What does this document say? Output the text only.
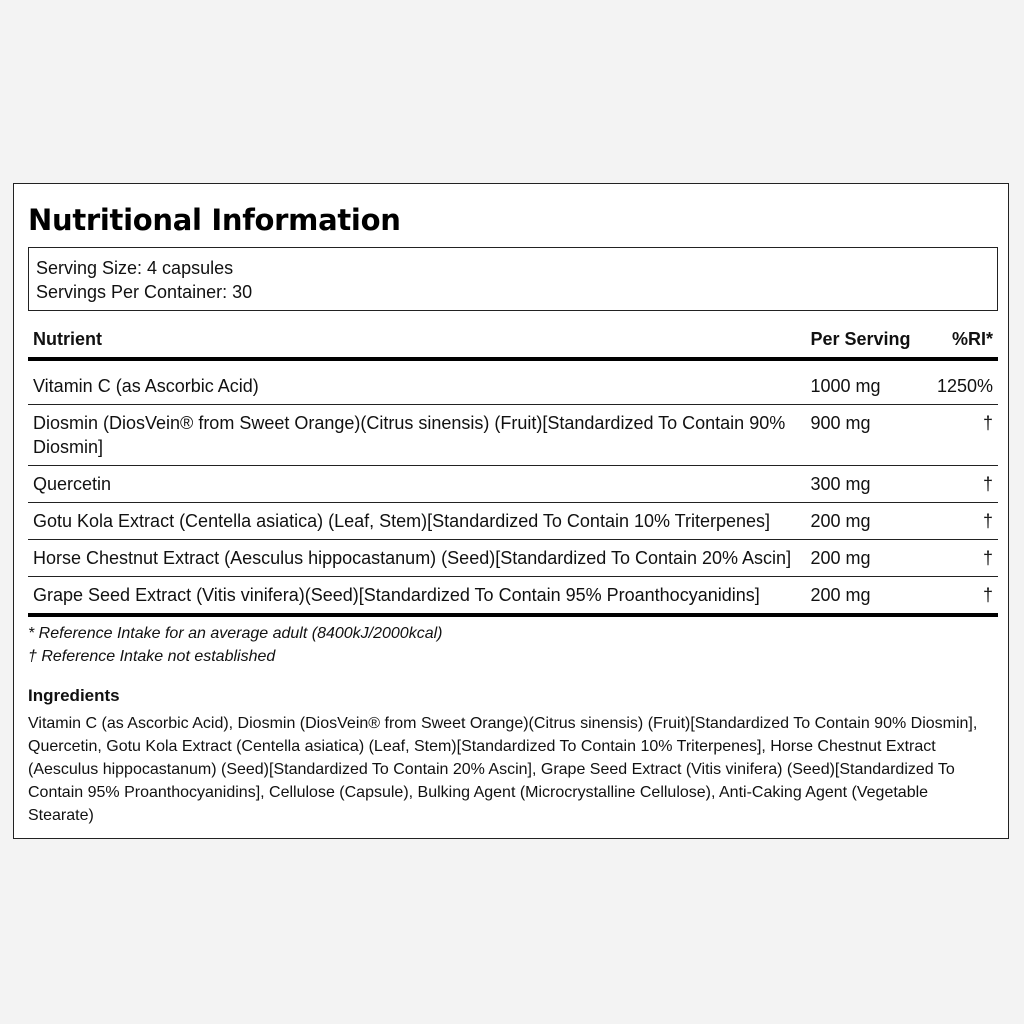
Nutritional Information
Serving Size: 4 capsules
Servings Per Container: 30
Nutrient	Per Serving	%RI*
Vitamin C (as Ascorbic Acid)	1000 mg	1250%
Diosmin (DiosVein® from Sweet Orange)(Citrus sinensis) (Fruit)[Standardized To Contain 90% Diosmin]	900 mg	†
Quercetin	300 mg	†
Gotu Kola Extract (Centella asiatica) (Leaf, Stem)[Standardized To Contain 10% Triterpenes]	200 mg	†
Horse Chestnut Extract (Aesculus hippocastanum) (Seed)[Standardized To Contain 20% Ascin]	200 mg	†
Grape Seed Extract (Vitis vinifera)(Seed)[Standardized To Contain 95% Proanthocyanidins]	200 mg	†
* Reference Intake for an average adult (8400kJ/2000kcal)
† Reference Intake not established
Ingredients

Vitamin C (as Ascorbic Acid), Diosmin (DiosVein® from Sweet Orange)(Citrus sinensis) (Fruit)[Standardized To Contain 90% Diosmin], Quercetin, Gotu Kola Extract (Centella asiatica) (Leaf, Stem)[Standardized To Contain 10% Triterpenes], Horse Chestnut Extract (Aesculus hippocastanum) (Seed)[Standardized To Contain 20% Ascin], Grape Seed Extract (Vitis vinifera) (Seed)[Standardized To Contain 95% Proanthocyanidins], Cellulose (Capsule), Bulking Agent (Microcrystalline Cellulose), Anti-Caking Agent (Vegetable Stearate)
